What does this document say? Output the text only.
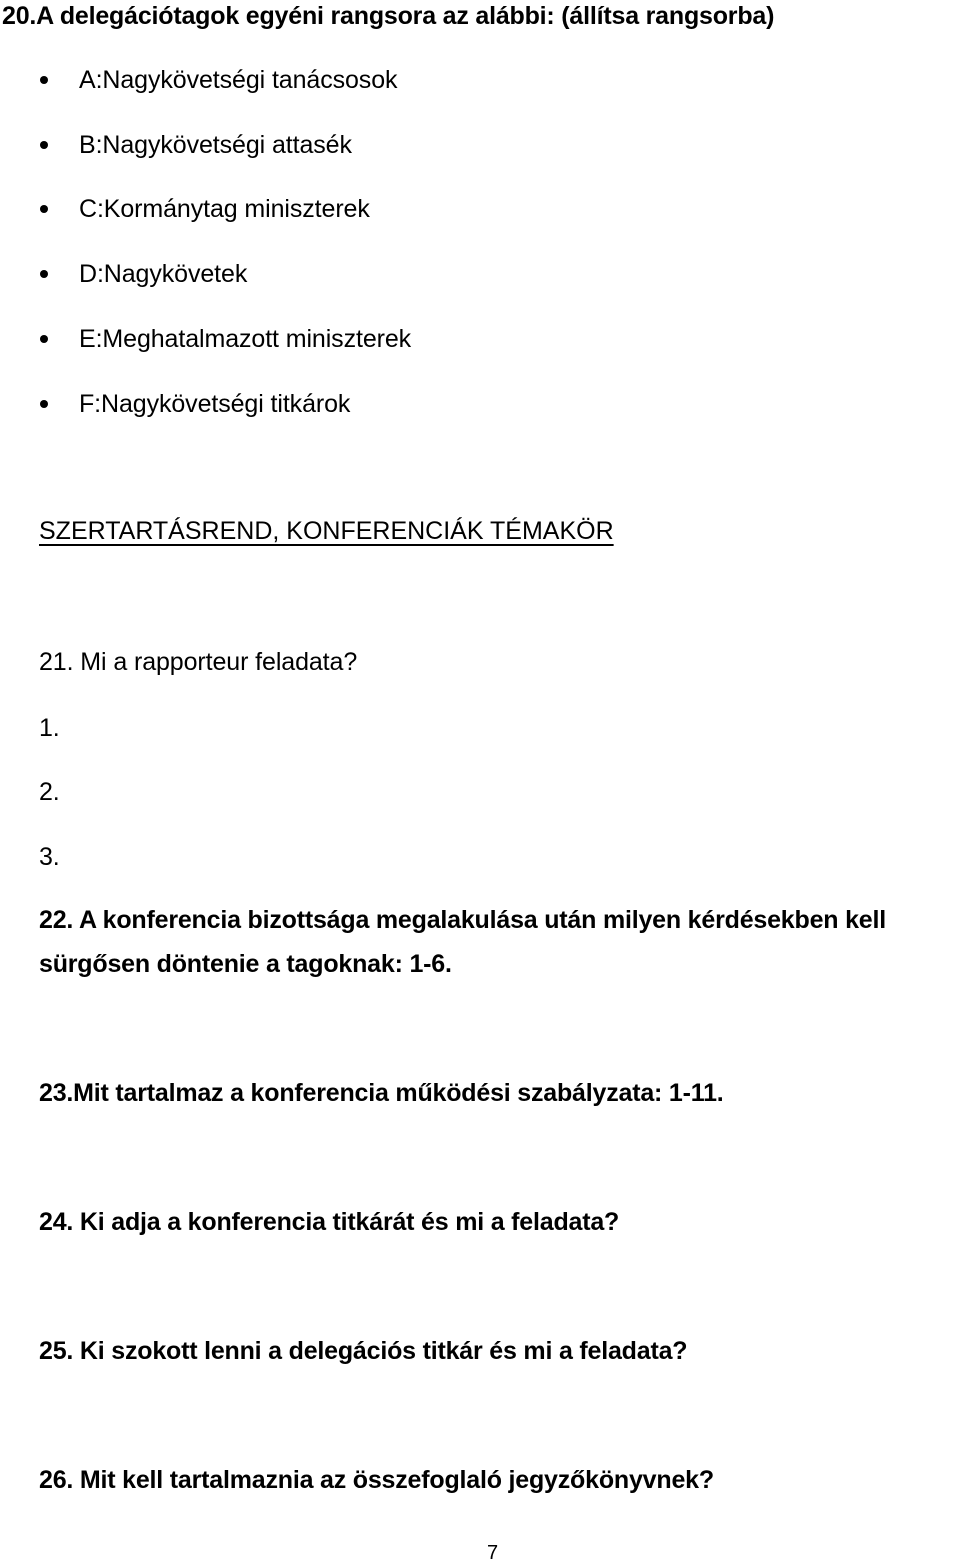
20.A delegációtagok egyéni rangsora az alábbi: (állítsa rangsorba)
A:Nagykövetségi tanácsosok
B:Nagykövetségi attasék
C:Kormánytag miniszterek
D:Nagykövetek
E:Meghatalmazott miniszterek
F:Nagykövetségi titkárok
SZERTARTÁSREND, KONFERENCIÁK TÉMAKÖR
21. Mi a rapporteur feladata?
1.
2.
3.
22. A konferencia bizottsága megalakulása után milyen kérdésekben kell
sürgősen döntenie a tagoknak: 1-6.
23.Mit tartalmaz a konferencia működési szabályzata: 1-11.
24. Ki adja a konferencia titkárát és mi a feladata?
25. Ki szokott lenni a delegációs titkár és mi a feladata?
26. Mit kell tartalmaznia az összefoglaló jegyzőkönyvnek?
7
